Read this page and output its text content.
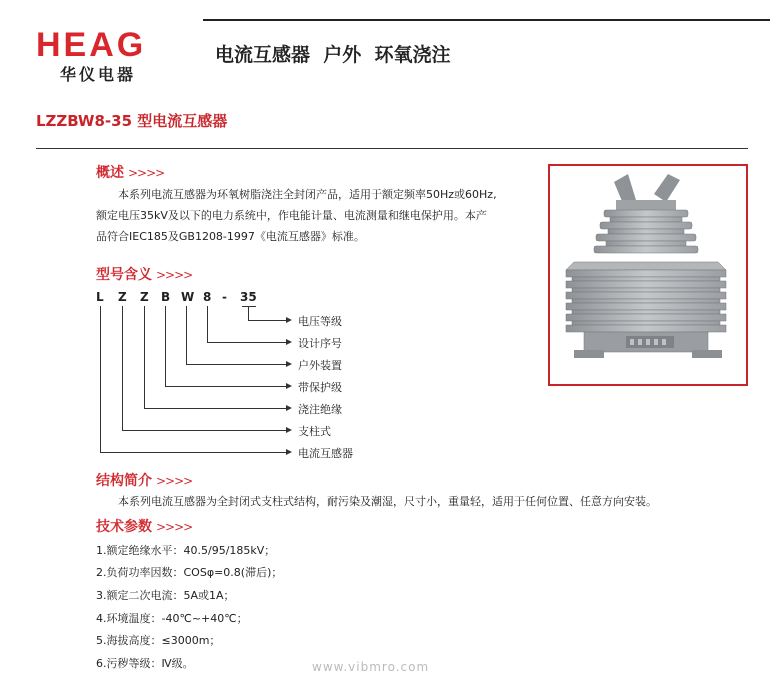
HEAG
华仪电器
电流互感器  户外  环氧浇注
LZZBW8-35 型电流互感器
概述 >>>>
本系列电流互感器为环氧树脂浇注全封闭产品，适用于额定频率50Hz或60Hz,
额定电压35kV及以下的电力系统中，作电能计量、电流测量和继电保护用。本产
品符合IEC185及GB1208-1997《电流互感器》标准。
型号含义 >>>>
L Z Z B W 8 - 35
电压等级
设计序号
户外装置
带保护级
浇注绝缘
支柱式
电流互感器
结构简介 >>>>
本系列电流互感器为全封闭式支柱式结构，耐污染及潮湿，尺寸小，重量轻，适用于任何位置、任意方向安装。
技术参数 >>>>
1.额定绝缘水平：40.5/95/185kV；
2.负荷功率因数：COSφ=0.8(滞后)；
3.额定二次电流：5A或1A；
4.环境温度：-40℃~+40℃；
5.海拔高度：≤3000m；
6.污秽等级：Ⅳ级。	www.vibmro.com
